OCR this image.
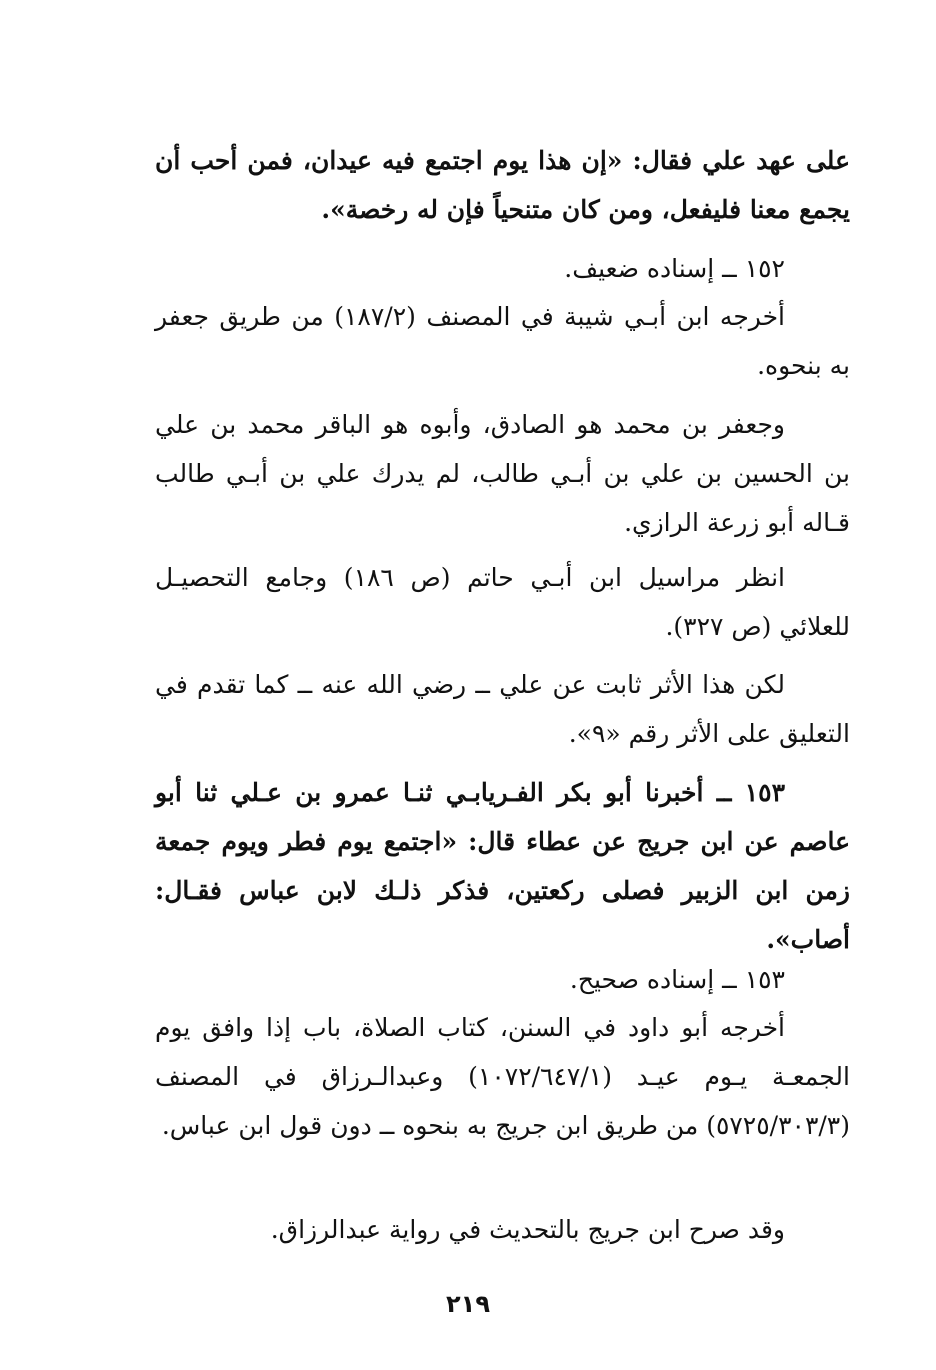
على عهد علي فقال: «إن هذا يوم اجتمع فيه عيدان، فمن أحب أن يجمع معنا فليفعل، ومن كان متنحياً فإن له رخصة».

١٥٢ ــ إسناده ضعيف.

أخرجه ابن أبـي شيبة في المصنف (١٨٧/٢) من طريق جعفر به بنحوه.

وجعفر بن محمد هو الصادق، وأبوه هو الباقر محمد بن علي بن الحسين بن علي بن أبـي طالب، لم يدرك علي بن أبـي طالب قـاله أبو زرعة الرازي.

انظر مراسيل ابن أبـي حاتم (ص ١٨٦) وجامع التحصيـل للعلائي (ص ٣٢٧).

لكن هذا الأثر ثابت عن علي ــ رضي الله عنه ــ كما تقدم في التعليق على الأثر رقم «٩».

١٥٣ ــ أخبرنا أبو بكر الفـريابـي ثنـا عمرو بن عـلي ثنا أبو عاصم عن ابن جريج عن عطاء قال: «اجتمع يوم فطر ويوم جمعة زمن ابن الزبير فصلى ركعتين، فذكر ذلـك لابن عباس فقـال: أصاب».

١٥٣ ــ إسناده صحيح.

أخرجه أبو داود في السنن، كتاب الصلاة، باب إذا وافق يوم الجمعـة يـوم عيـد (١٠٧٢/٦٤٧/١) وعبدالـرزاق في المصنف (٥٧٢٥/٣٠٣/٣) من طريق ابن جريج به بنحوه ــ دون قول ابن عباس.

وقد صرح ابن جريج بالتحديث في رواية عبدالرزاق.

٢١٩
